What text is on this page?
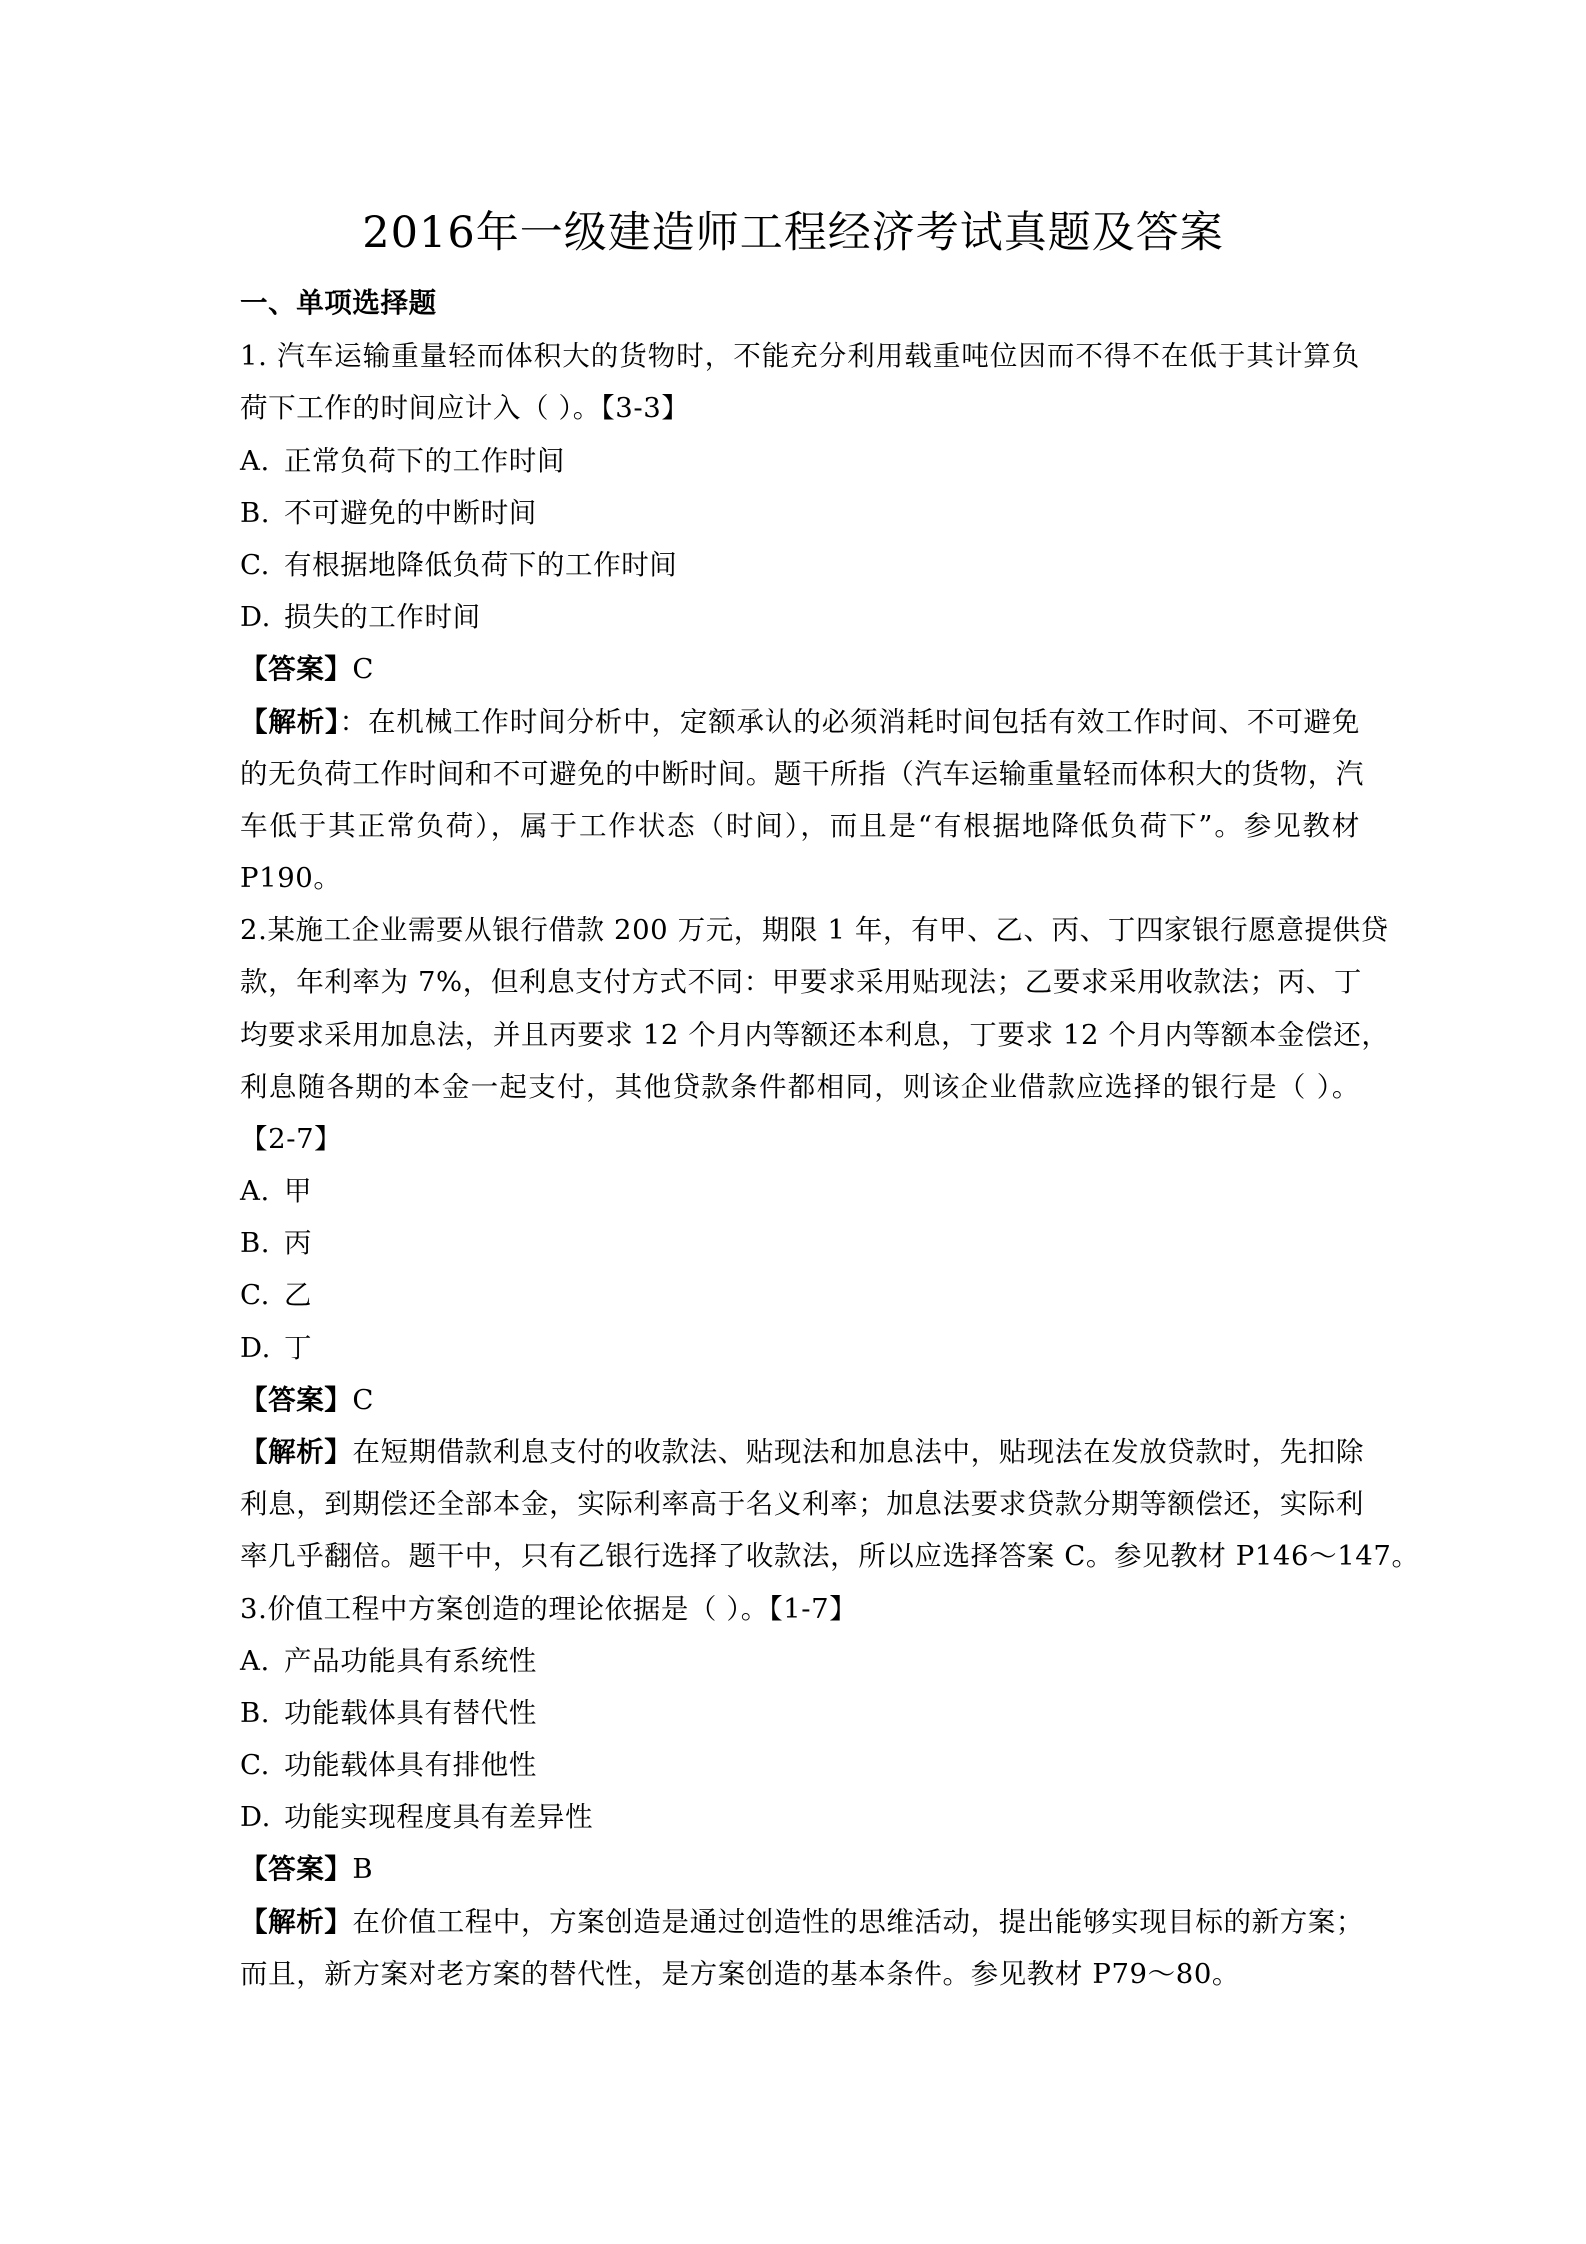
2016年一级建造师工程经济考试真题及答案
一、单项选择题
1. 汽车运输重量轻而体积大的货物时，不能充分利用载重吨位因而不得不在低于其计算负
荷下工作的时间应计入（ ）。【3-3】
A. 正常负荷下的工作时间
B. 不可避免的中断时间
C. 有根据地降低负荷下的工作时间
D. 损失的工作时间
【答案】C
【解析】：在机械工作时间分析中，定额承认的必须消耗时间包括有效工作时间、不可避免
的无负荷工作时间和不可避免的中断时间。题干所指（汽车运输重量轻而体积大的货物，汽
车低于其正常负荷），属于工作状态（时间），而且是“有根据地降低负荷下”。参见教材
P190。
2.某施工企业需要从银行借款 200 万元，期限 1 年，有甲、乙、丙、丁四家银行愿意提供贷
款，年利率为 7%，但利息支付方式不同：甲要求采用贴现法；乙要求采用收款法；丙、丁
均要求采用加息法，并且丙要求 12 个月内等额还本利息，丁要求 12 个月内等额本金偿还，
利息随各期的本金一起支付，其他贷款条件都相同，则该企业借款应选择的银行是（ ）。
【2-7】
A. 甲
B. 丙
C. 乙
D. 丁
【答案】C
【解析】在短期借款利息支付的收款法、贴现法和加息法中，贴现法在发放贷款时，先扣除
利息，到期偿还全部本金，实际利率高于名义利率；加息法要求贷款分期等额偿还，实际利
率几乎翻倍。题干中，只有乙银行选择了收款法，所以应选择答案 C。参见教材 P146～147。
3.价值工程中方案创造的理论依据是（ ）。【1-7】
A. 产品功能具有系统性
B. 功能载体具有替代性
C. 功能载体具有排他性
D. 功能实现程度具有差异性
【答案】B
【解析】在价值工程中，方案创造是通过创造性的思维活动，提出能够实现目标的新方案；
而且，新方案对老方案的替代性，是方案创造的基本条件。参见教材 P79～80。
